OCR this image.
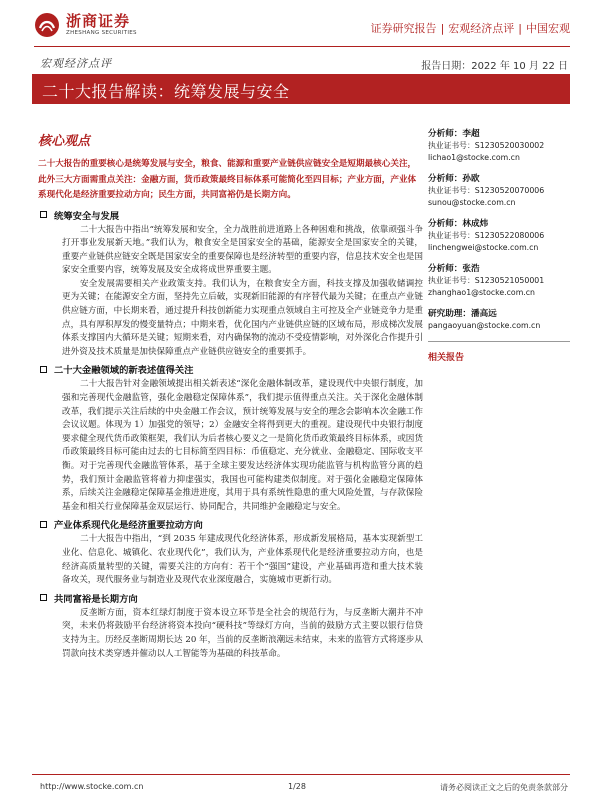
浙商证券
ZHESHANG SECURITIES	证券研究报告 | 宏观经济点评 | 中国宏观
宏观经济点评	报告日期：2022 年 10 月 22 日
二十大报告解读：统筹发展与安全
核心观点
二十大报告的重要核心是统筹发展与安全，粮食、能源和重要产业链供应链安全是短期最核心关注，此外三大方面需重点关注：金融方面，货币政策最终目标体系可能简化至四目标；产业方面，产业体系现代化是经济重要拉动方向；民生方面，共同富裕仍是长期方向。
统筹安全与发展

二十大报告中指出“统筹发展和安全，全力战胜前进道路上各种困难和挑战，依靠顽强斗争打开事业发展新天地。”我们认为，粮食安全是国家安全的基础，能源安全是国家安全的关键，重要产业链供应链安全既是国家安全的重要保障也是经济转型的重要内容，信息技术安全也是国家安全重要内容，统筹发展及安全成将成世界重要主题。

安全发展需要相关产业政策支持。我们认为，在粮食安全方面，科技支撑及加强收储调控更为关键；在能源安全方面，坚持先立后破，实现新旧能源的有序替代最为关键；在重点产业链供应链方面，中长期来看，通过提升科技创新能力实现重点领域自主可控及全产业链竞争力是重点，具有厚积厚发的慢变量特点；中期来看，优化国内产业链供应链的区域布局，形成梯次发展体系支撑国内大循环是关键；短期来看，对内确保物的流动不受疫情影响，对外深化合作提升引进外资及技术质量是加快保障重点产业链供应链安全的重要抓手。

二十大金融领域的新表述值得关注

二十大报告针对金融领域提出相关新表述“深化金融体制改革，建设现代中央银行制度，加强和完善现代金融监管，强化金融稳定保障体系”，我们提示值得重点关注。关于深化金融体制改革，我们提示关注后续的中央金融工作会议，预计统筹发展与安全的理念会影响本次金融工作会议议题。体现为 1）加强党的领导；2）金融安全将得到更大的重视。建设现代中央银行制度要求健全现代货币政策框架，我们认为后者核心要义之一是简化货币政策最终目标体系，或因货币政策最终目标可能由过去的七目标简至四目标：币值稳定、充分就业、金融稳定、国际收支平衡。对于完善现代金融监管体系，基于全球主要发达经济体实现功能监管与机构监管分离的趋势，我们预计金融监管将着力抑虚强实，我国也可能构建类似制度。对于强化金融稳定保障体系，后续关注金融稳定保障基金推进进度，其用于具有系统性隐患的重大风险处置，与存款保险基金和相关行业保障基金双层运行、协同配合，共同维护金融稳定与安全。

产业体系现代化是经济重要拉动方向

二十大报告中指出，“到 2035 年建成现代化经济体系，形成新发展格局，基本实现新型工业化、信息化、城镇化、农业现代化”，我们认为，产业体系现代化是经济重要拉动方向，也是经济高质量转型的关键，需要关注的方向有：若干个“强国”建设，产业基础再造和重大技术装备攻关，现代服务业与制造业及现代农业深度融合，实施城市更新行动。

共同富裕是长期方向

反垄断方面，资本红绿灯制度于资本设立环节是全社会的规范行为，与反垄断大潮并不冲突，未来仍将鼓励平台经济将资本投向“硬科技”等绿灯方向，当前的鼓励方式主要以银行信贷支持为主。历经反垄断周期长达 20 年，当前的反垄断浪潮远未结束，未来的监管方式将逐步从罚款向技术类穿透并催动以人工智能等为基础的科技革命。

分析师：李超
执业证书号：S1230520030002
lichao1@stocke.com.cn
分析师：孙欧
执业证书号：S1230520070006
sunou@stocke.com.cn
分析师：林成炜
执业证书号：S1230522080006
linchengwei@stocke.com.cn
分析师：张浩
执业证书号：S1230521050001
zhanghao1@stocke.com.cn
研究助理：潘高远
pangaoyuan@stocke.com.cn
相关报告
http://www.stocke.com.cn	1/28	请务必阅读正文之后的免责条款部分
